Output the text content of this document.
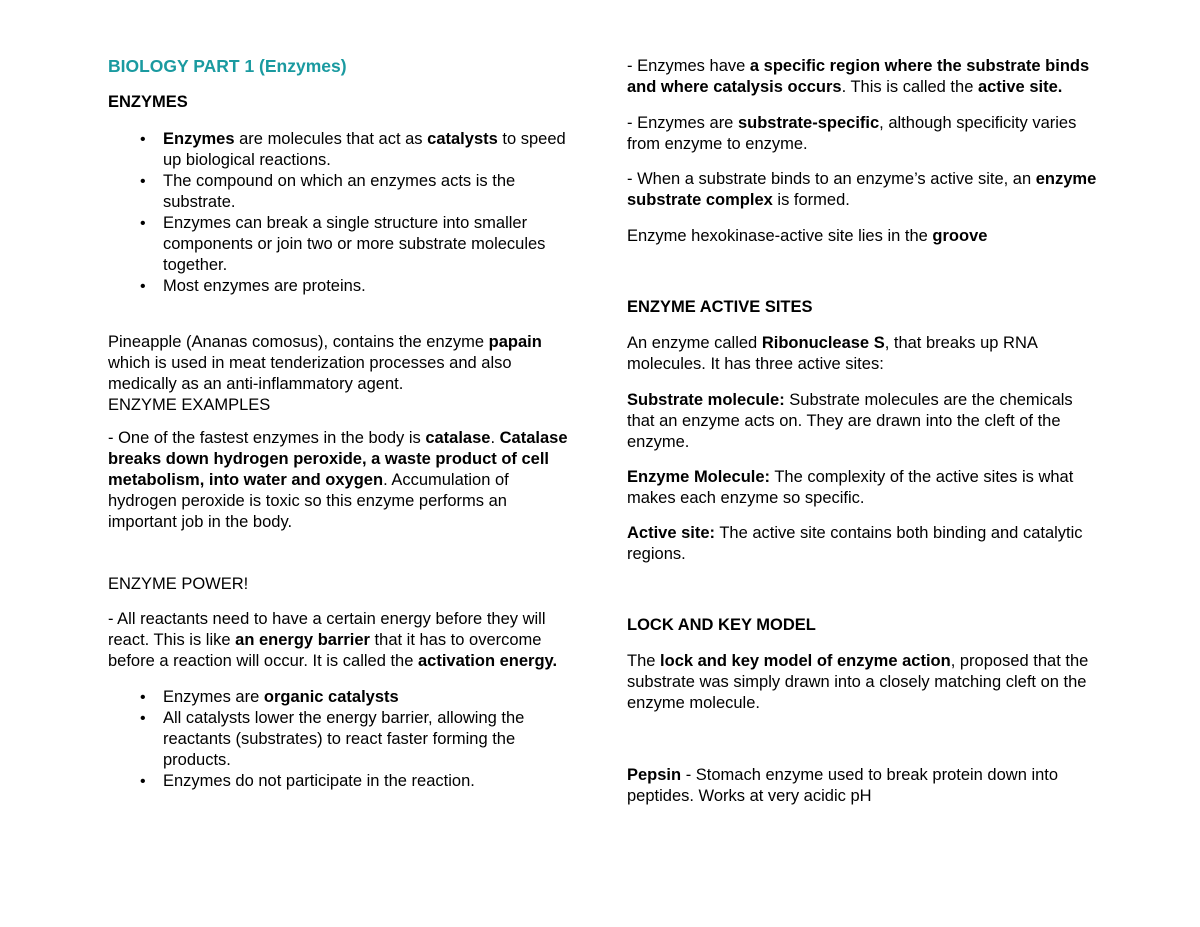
BIOLOGY PART 1 (Enzymes)

ENZYMES

• Enzymes are molecules that act as catalysts to speed up biological reactions.
• The compound on which an enzymes acts is the substrate.
• Enzymes can break a single structure into smaller components or join two or more substrate molecules together.
• Most enzymes are proteins.

Pineapple (Ananas comosus), contains the enzyme papain which is used in meat tenderization processes and also medically as an anti-inflammatory agent.

ENZYME EXAMPLES

- One of the fastest enzymes in the body is catalase. Catalase breaks down hydrogen peroxide, a waste product of cell metabolism, into water and oxygen. Accumulation of hydrogen peroxide is toxic so this enzyme performs an important job in the body.

ENZYME POWER!

- All reactants need to have a certain energy before they will react. This is like an energy barrier that it has to overcome before a reaction will occur. It is called the activation energy.

• Enzymes are organic catalysts
• All catalysts lower the energy barrier, allowing the reactants (substrates) to react faster forming the products.
• Enzymes do not participate in the reaction.

- Enzymes have a specific region where the substrate binds and where catalysis occurs. This is called the active site.

- Enzymes are substrate-specific, although specificity varies from enzyme to enzyme.

- When a substrate binds to an enzyme’s active site, an enzyme substrate complex is formed.

Enzyme hexokinase-active site lies in the groove

ENZYME ACTIVE SITES

An enzyme called Ribonuclease S, that breaks up RNA molecules. It has three active sites:

Substrate molecule: Substrate molecules are the chemicals that an enzyme acts on. They are drawn into the cleft of the enzyme.

Enzyme Molecule: The complexity of the active sites is what makes each enzyme so specific.

Active site: The active site contains both binding and catalytic regions.

LOCK AND KEY MODEL

The lock and key model of enzyme action, proposed that the substrate was simply drawn into a closely matching cleft on the enzyme molecule.

Pepsin - Stomach enzyme used to break protein down into peptides. Works at very acidic pH
